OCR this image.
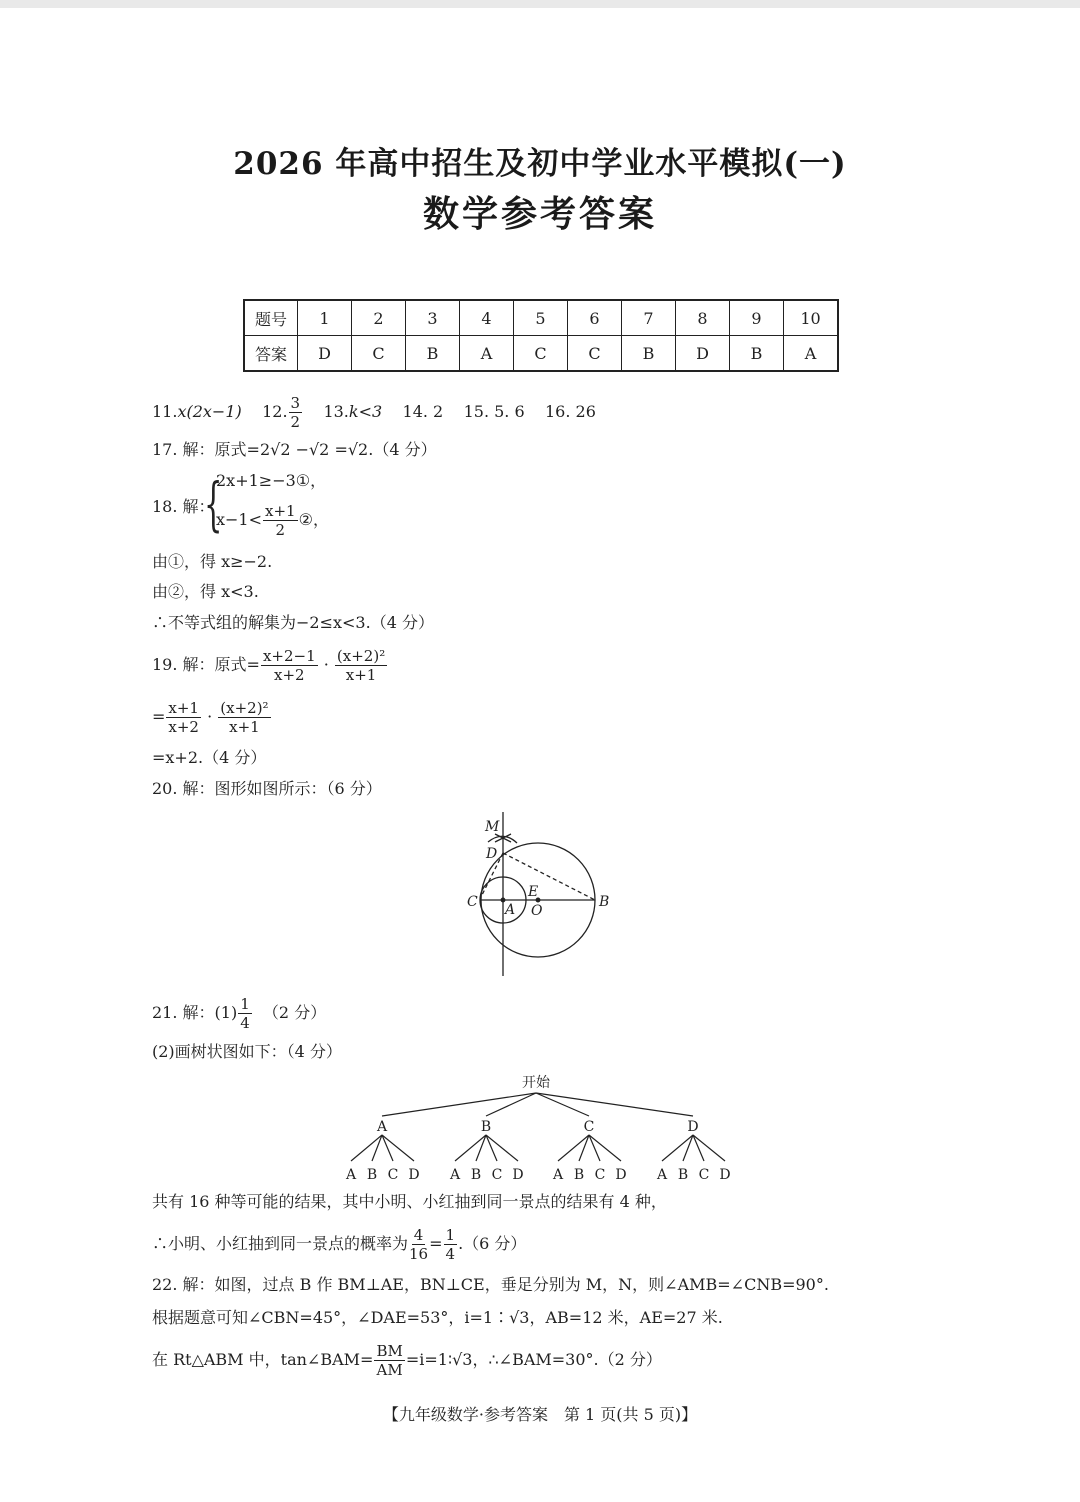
2026 年高中招生及初中学业水平模拟(一)
数学参考答案
题号	1	2	3	4	5	6	7	8	9	10
答案	D	C	B	A	C	C	B	D	B	A
11.x(2x−1) 12. $\frac{3}{2} 13.k<3$ 14. 2 15. 5. 6 16. 26
17. 解：原式=2√2 −√2 =√2.（4 分）
18. 解：
{
2x+1≥−3①，
$x-1< \frac{x+1}{2}$ ②，
由①，得 x≥−2.
由②，得 x<3.
∴不等式组的解集为−2≤x<3.（4 分）
19. 解：原式= $\frac{x+2-1}{x+2} \cdot \frac{\text{(x+2)²}}{x+1}$
= $\frac{x+1}{x+2} \cdot \frac{\text{(x+2)²}}{x+1}$
=x+2.（4 分）
20. 解：图形如图所示：（6 分）
M
D
C A
E
O
B
开始
A
A B C D
B
A B C D
C
A B C D
D
A B C D
21. 解：$(1) \frac{1}{4} (2$ 分）
(2)画树状图如下：（4 分）
共有 16 种等可能的结果，其中小明、小红抽到同一景点的结果有 4 种，
∴小明、小红抽到同一景点的概率为 $\frac{4}{16} = \frac{1}{4} .(6$ 分）
22. 解：如图，过点 B 作 BM⊥AE，BN⊥CE，垂足分别为 M，N，则∠AMB=∠CNB=90°.
根据题意可知∠CBN=45°，∠DAE=53°，i=1∶√3，AB=12 米，AE=27 米.
在 Rt△ABM 中，tan∠BAM= $\frac{BM}{AM}$ =i=1∶√3，∴∠BAM=30°.（2 分）
【九年级数学·参考答案　第 1 页(共 5 页)】
